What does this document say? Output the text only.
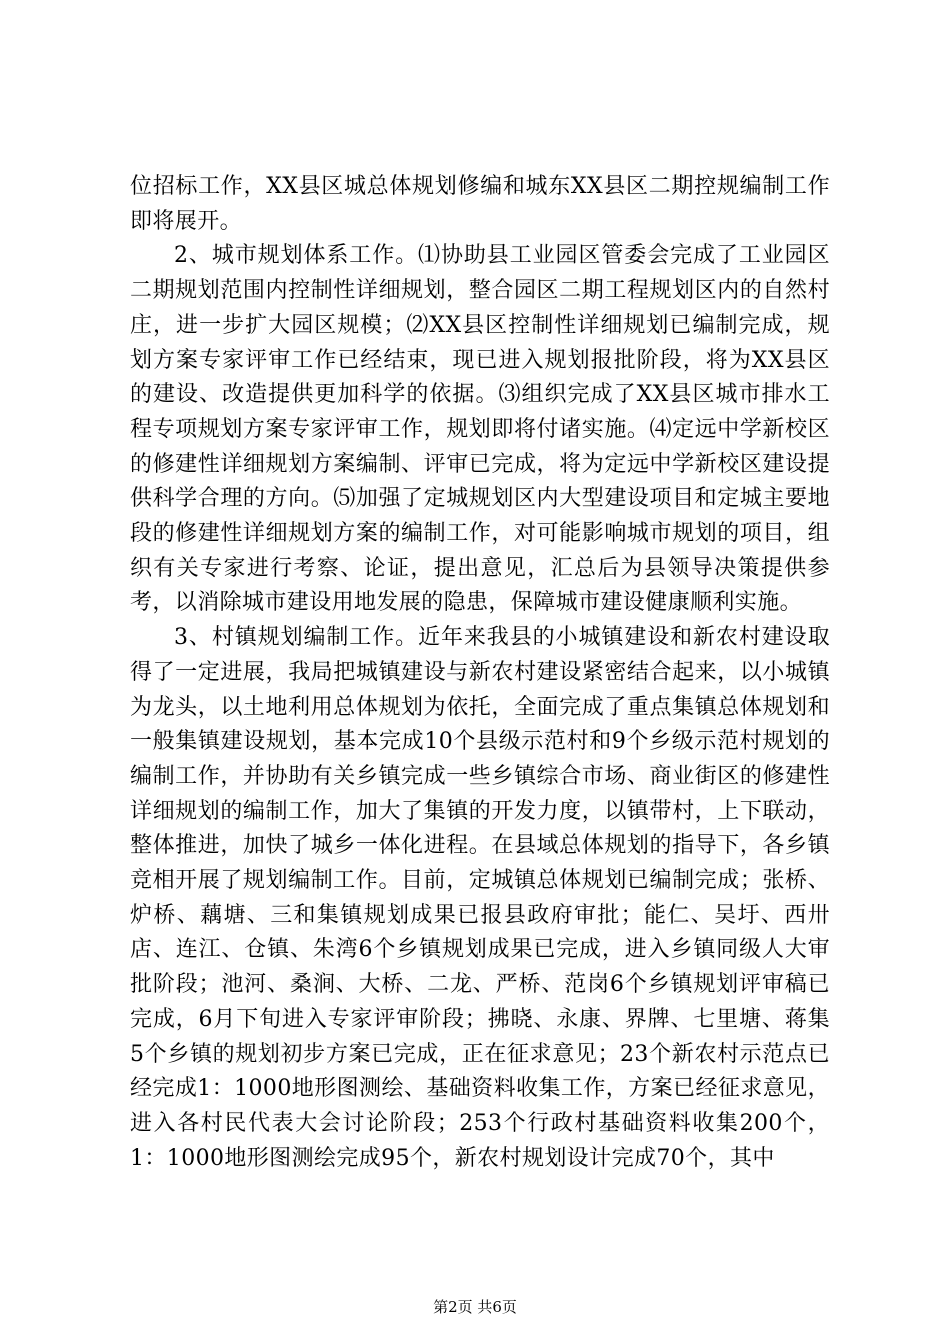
位招标工作，XX县区城总体规划修编和城东XX县区二期控规编制工作即将展开。

2、城市规划体系工作。⑴协助县工业园区管委会完成了工业园区二期规划范围内控制性详细规划，整合园区二期工程规划区内的自然村庄，进一步扩大园区规模；⑵XX县区控制性详细规划已编制完成，规划方案专家评审工作已经结束，现已进入规划报批阶段，将为XX县区的建设、改造提供更加科学的依据。⑶组织完成了XX县区城市排水工程专项规划方案专家评审工作，规划即将付诸实施。⑷定远中学新校区的修建性详细规划方案编制、评审已完成，将为定远中学新校区建设提供科学合理的方向。⑸加强了定城规划区内大型建设项目和定城主要地段的修建性详细规划方案的编制工作，对可能影响城市规划的项目，组织有关专家进行考察、论证，提出意见，汇总后为县领导决策提供参考，以消除城市建设用地发展的隐患，保障城市建设健康顺利实施。

3、村镇规划编制工作。近年来我县的小城镇建设和新农村建设取得了一定进展，我局把城镇建设与新农村建设紧密结合起来，以小城镇为龙头，以土地利用总体规划为依托，全面完成了重点集镇总体规划和一般集镇建设规划，基本完成10个县级示范村和9个乡级示范村规划的编制工作，并协助有关乡镇完成一些乡镇综合市场、商业街区的修建性详细规划的编制工作，加大了集镇的开发力度，以镇带村，上下联动，整体推进，加快了城乡一体化进程。在县域总体规划的指导下，各乡镇竞相开展了规划编制工作。目前，定城镇总体规划已编制完成；张桥、炉桥、藕塘、三和集镇规划成果已报县政府审批；能仁、吴圩、西卅店、连江、仓镇、朱湾6个乡镇规划成果已完成，进入乡镇同级人大审批阶段；池河、桑涧、大桥、二龙、严桥、范岗6个乡镇规划评审稿已完成，6月下旬进入专家评审阶段；拂晓、永康、界牌、七里塘、蒋集5个乡镇的规划初步方案已完成，正在征求意见；23个新农村示范点已经完成1：1000地形图测绘、基础资料收集工作，方案已经征求意见，进入各村民代表大会讨论阶段；253个行政村基础资料收集200个，1：1000地形图测绘完成95个，新农村规划设计完成70个，其中

第2页 共6页
